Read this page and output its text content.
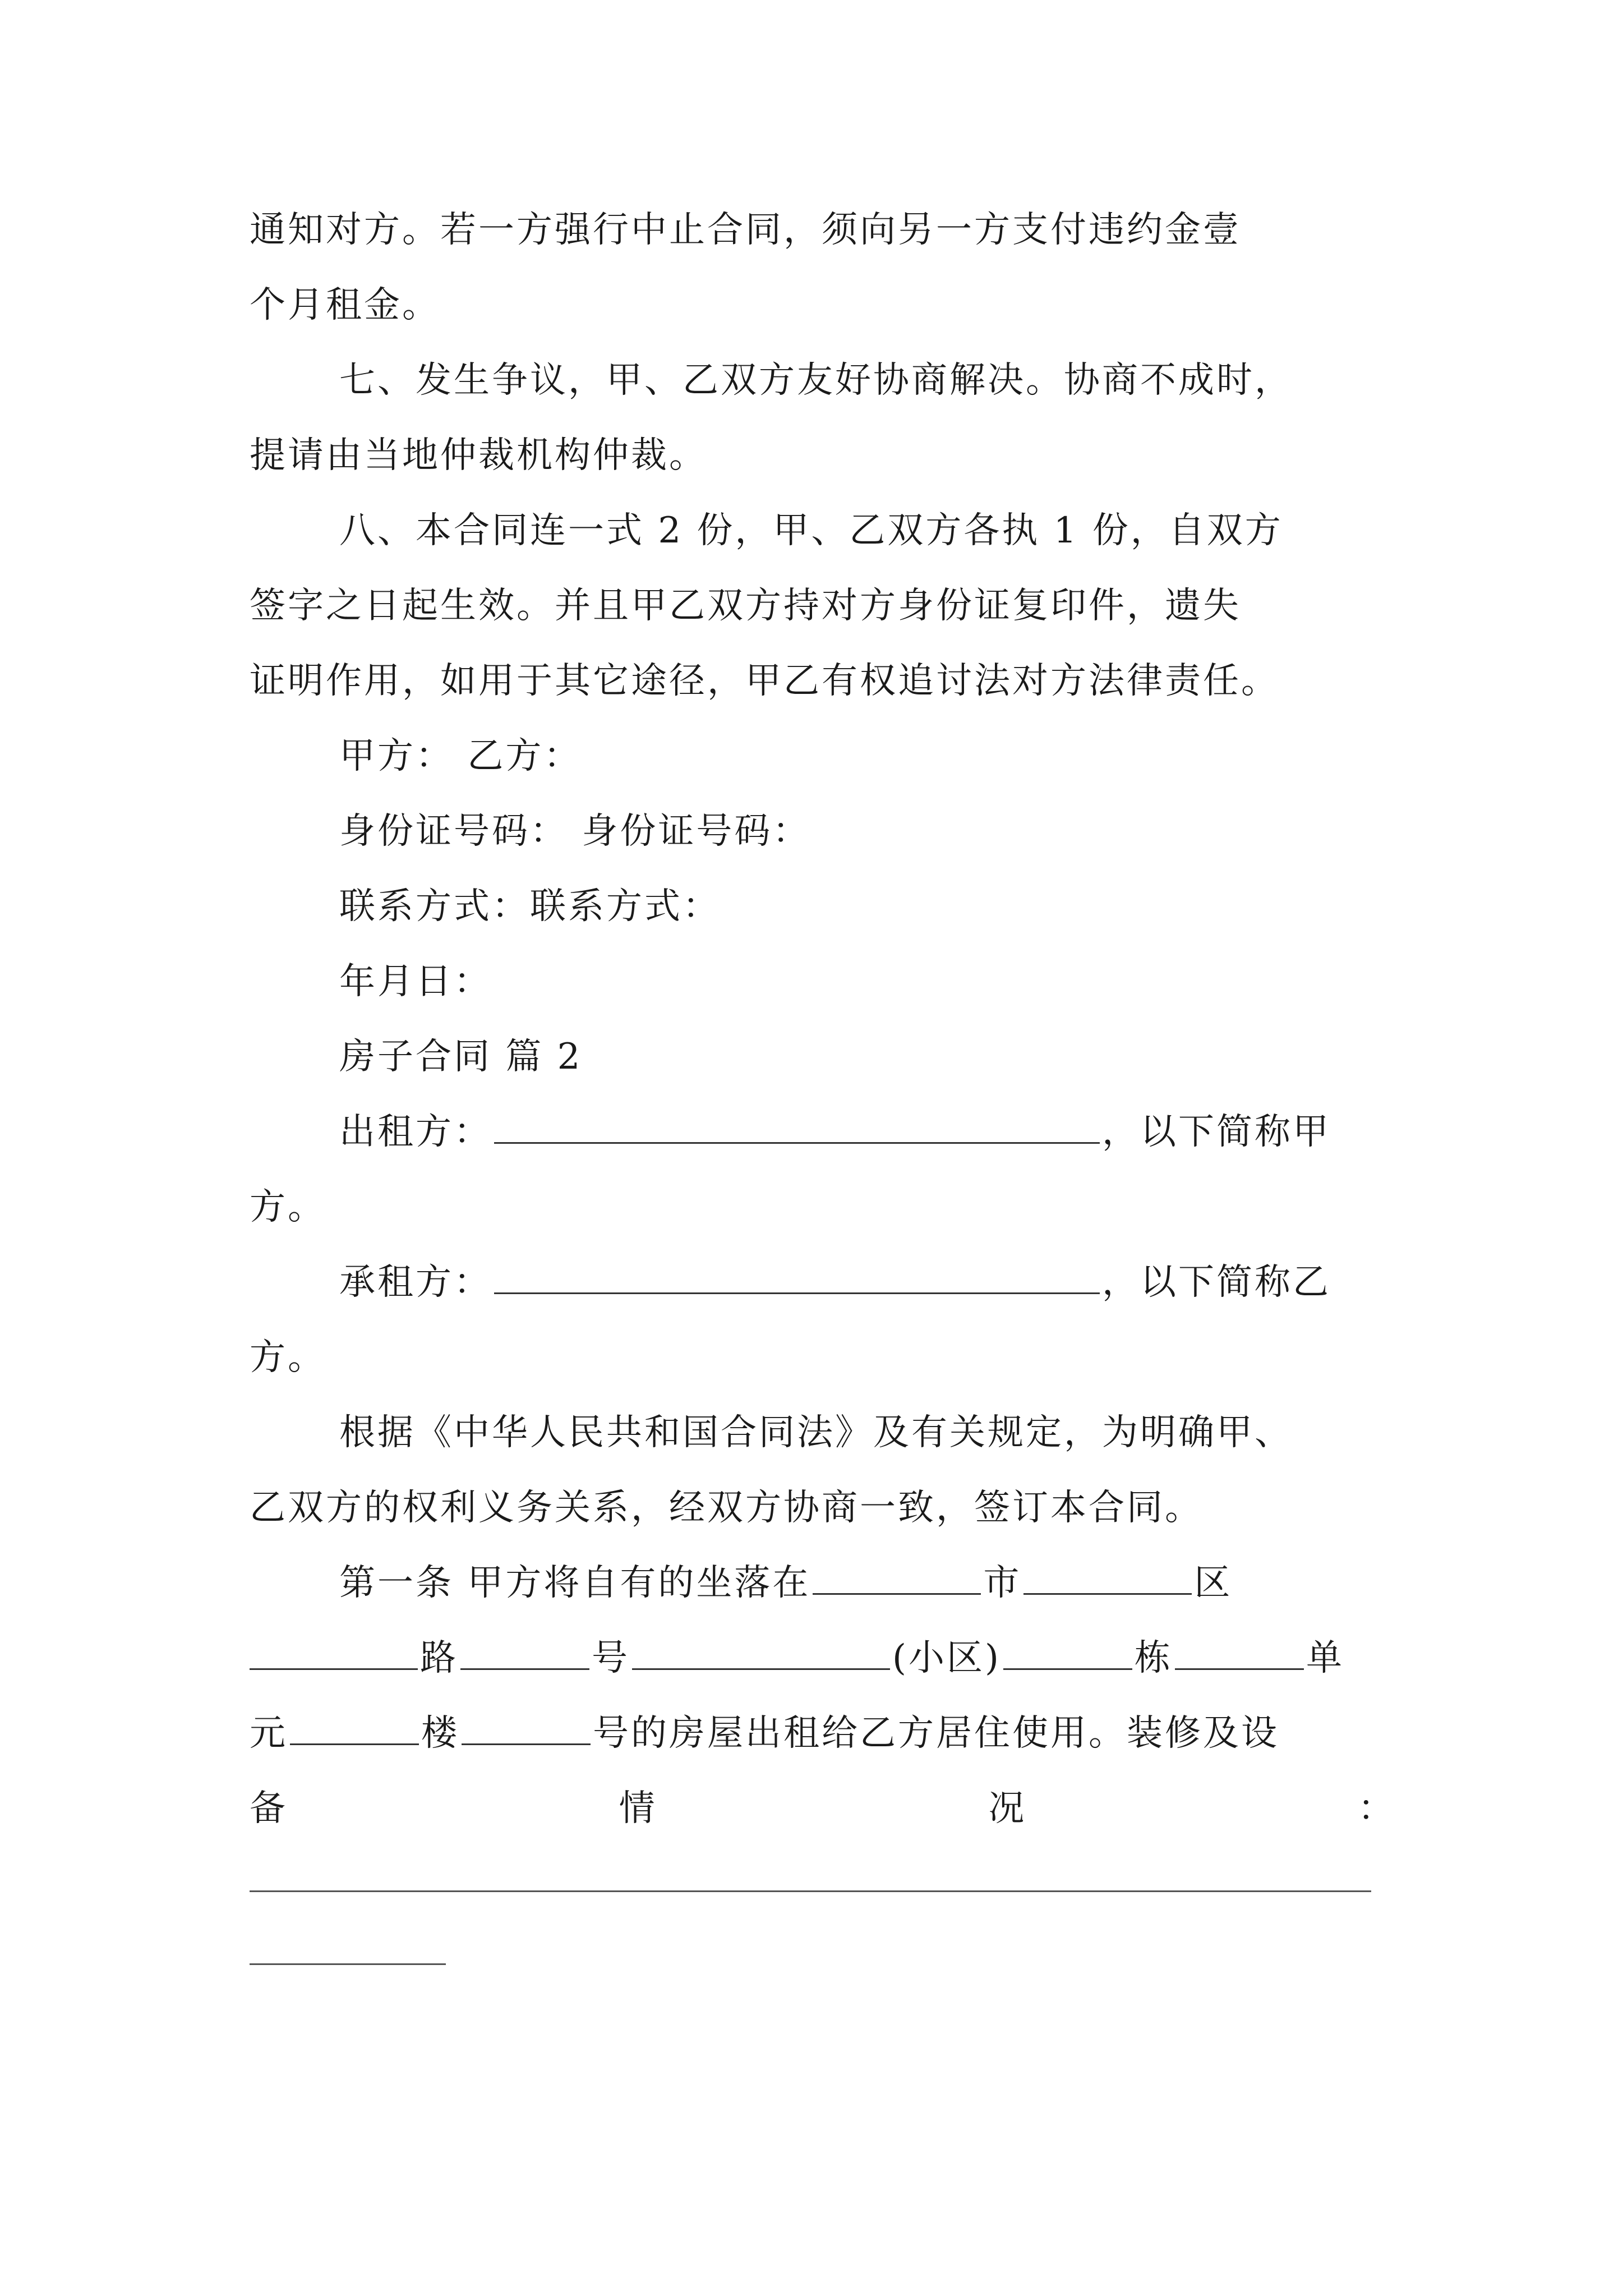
通知对方。若一方强行中止合同，须向另一方支付违约金壹
个月租金。
七、发生争议，甲、乙双方友好协商解决。协商不成时，
提请由当地仲裁机构仲裁。
八、本合同连一式 2 份，甲、乙双方各执 1 份，自双方
签字之日起生效。并且甲乙双方持对方身份证复印件，遗失
证明作用，如用于其它途径，甲乙有权追讨法对方法律责任。
甲方： 乙方：
身份证号码： 身份证号码：
联系方式：联系方式：
年月日：
房子合同 篇 2
出租方：	，以下简称甲
方。
承租方：	，以下简称乙
方。
根据《中华人民共和国合同法》及有关规定，为明确甲、
乙双方的权利义务关系，经双方协商一致，签订本合同。
第一条 甲方将自有的坐落在	市	区
路	号	(小区)	栋	单
元	楼	号的房屋出租给乙方居住使用。装修及设
备	情	况	：
